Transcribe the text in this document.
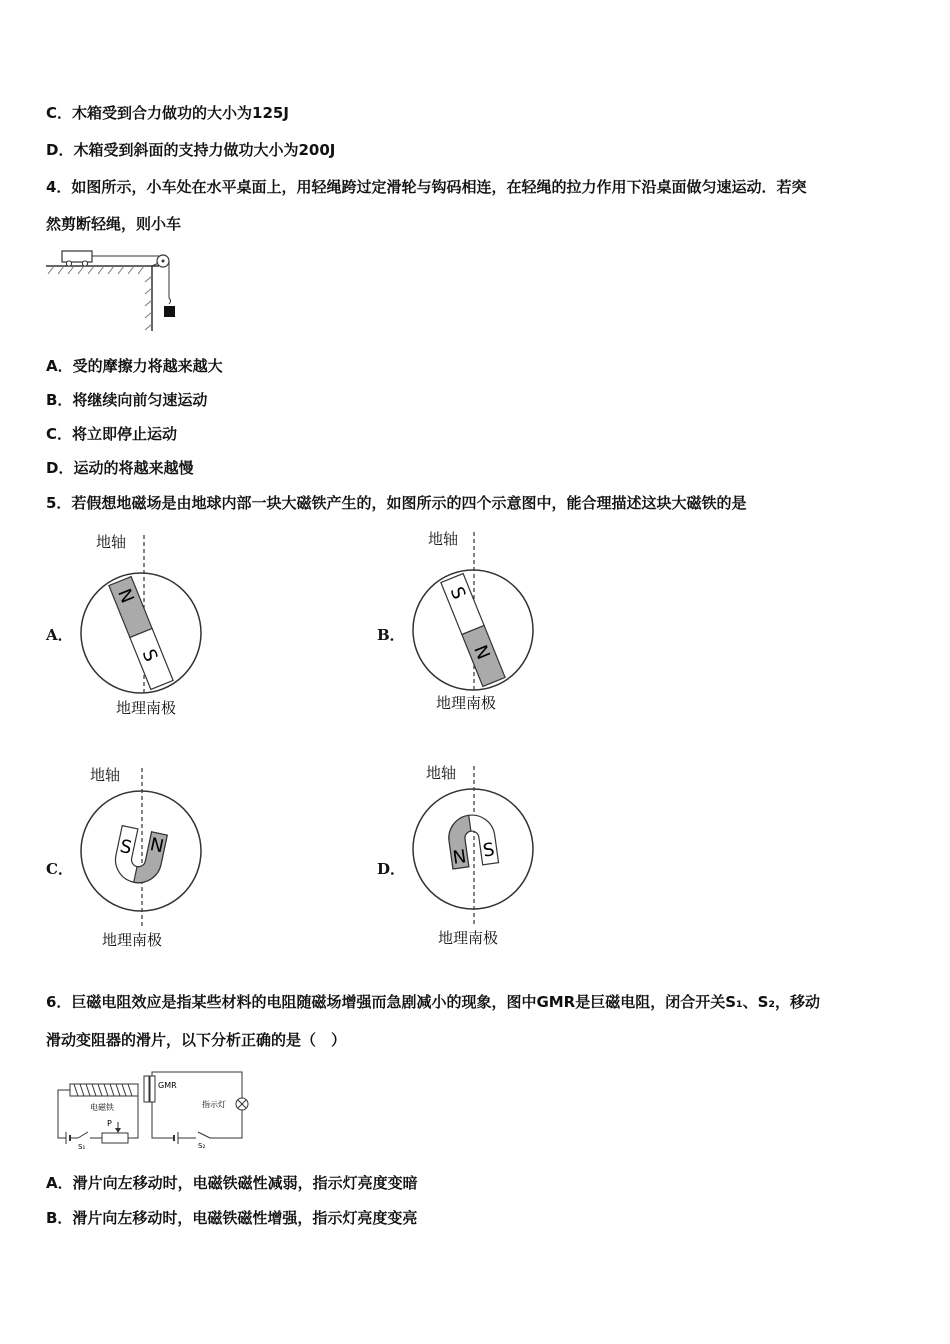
C．木箱受到合力做功的大小为125J
D．木箱受到斜面的支持力做功大小为200J
4．如图所示，小车处在水平桌面上，用轻绳跨过定滑轮与钩码相连，在轻绳的拉力作用下沿桌面做匀速运动．若突
然剪断轻绳，则小车
A．受的摩擦力将越来越大
B．将继续向前匀速运动
C．将立即停止运动
D．运动的将越来越慢
5．若假想地磁场是由地球内部一块大磁铁产生的，如图所示的四个示意图中，能合理描述这块大磁铁的是
A．
地轴
地理南极
N
S
B．
地轴
地理南极
S
N
C．
地轴
地理南极
S N
D．
地轴
地理南极
N S
6．巨磁电阻效应是指某些材料的电阻随磁场增强而急剧减小的现象，图中GMR是巨磁电阻，闭合开关S₁、S₂，移动
滑动变阻器的滑片，以下分析正确的是（　）
电磁铁
S₁
P
GMR
指示灯
S₂
A．滑片向左移动时，电磁铁磁性减弱，指示灯亮度变暗
B．滑片向左移动时，电磁铁磁性增强，指示灯亮度变亮
